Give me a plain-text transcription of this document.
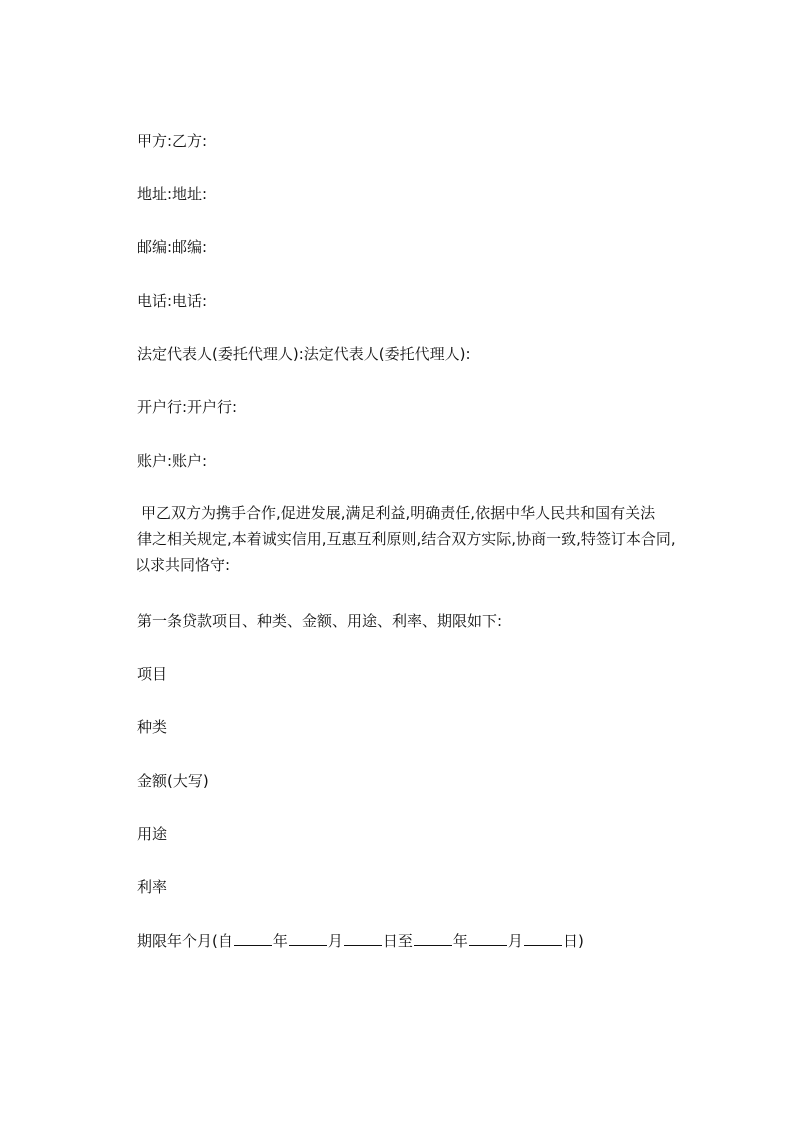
甲方:乙方:
地址:地址:
邮编:邮编:
电话:电话:
法定代表人(委托代理人):法定代表人(委托代理人):
开户行:开户行:
账户:账户:
甲乙双方为携手合作,促进发展,满足利益,明确责任,依据中华人民共和国有关法
律之相关规定,本着诚实信用,互惠互利原则,结合双方实际,协商一致,特签订本合同,
以求共同恪守:
第一条贷款项目、种类、金额、用途、利率、期限如下:
项目
种类
金额(大写)
用途
利率
期限年个月(自	年	月	日至	年	月	日)
